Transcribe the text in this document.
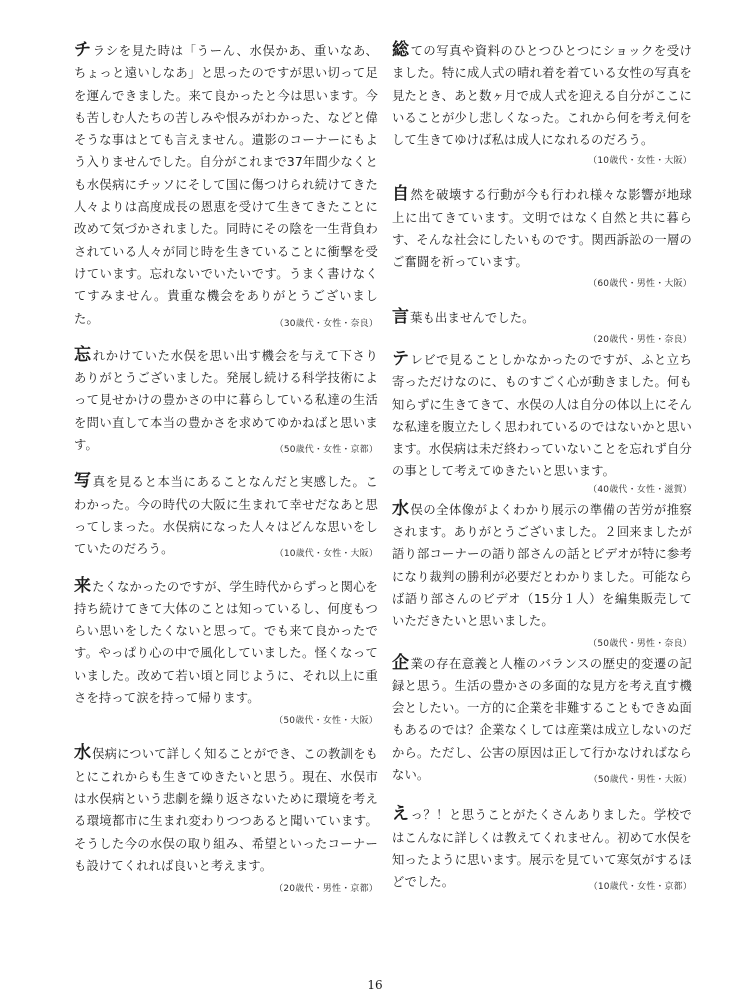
チラシを見た時は「うーん、水俣かあ、重いなあ、ちょっと遠いしなあ」と思ったのですが思い切って足を運んできました。来て良かったと今は思います。今も苦しむ人たちの苦しみや恨みがわかった、などと偉そうな事はとても言えません。遺影のコーナーにもよう入りませんでした。自分がこれまで37年間少なくとも水俣病にチッソにそして国に傷つけられ続けてきた人々よりは高度成長の恩恵を受けて生きてきたことに改めて気づかされました。同時にその陰を一生背負わされている人々が同じ時を生きていることに衝撃を受けています。忘れないでいたいです。うまく書けなくてすみません。貴重な機会をありがとうございました。	（30歳代・女性・奈良）

忘れかけていた水俣を思い出す機会を与えて下さりありがとうございました。発展し続ける科学技術によって見せかけの豊かさの中に暮らしている私達の生活を問い直して本当の豊かさを求めてゆかねばと思います。	（50歳代・女性・京都）

写真を見ると本当にあることなんだと実感した。こわかった。今の時代の大阪に生まれて幸せだなあと思ってしまった。水俣病になった人々はどんな思いをしていたのだろう。	（10歳代・女性・大阪）

来たくなかったのですが、学生時代からずっと関心を持ち続けてきて大体のことは知っているし、何度もつらい思いをしたくないと思って。でも来て良かったです。やっぱり心の中で風化していました。怪くなっていました。改めて若い頃と同じように、それ以上に重さを持って涙を持って帰ります。

（50歳代・女性・大阪）

水俣病について詳しく知ることができ、この教訓をもとにこれからも生きてゆきたいと思う。現在、水俣市は水俣病という悲劇を繰り返さないために環境を考える環境都市に生まれ変わりつつあると聞いています。そうした今の水俣の取り組み、希望といったコーナーも設けてくれれば良いと考えます。

（20歳代・男性・京都）

総ての写真や資料のひとつひとつにショックを受けました。特に成人式の晴れ着を着ている女性の写真を見たとき、あと数ヶ月で成人式を迎える自分がここにいることが少し悲しくなった。これから何を考え何をして生きてゆけば私は成人になれるのだろう。

（10歳代・女性・大阪）

自然を破壊する行動が今も行われ様々な影響が地球上に出てきています。文明ではなく自然と共に暮らす、そんな社会にしたいものです。関西訴訟の一層のご奮闘を祈っています。

（60歳代・男性・大阪）

言葉も出ませんでした。

（20歳代・男性・奈良）

テレビで見ることしかなかったのですが、ふと立ち寄っただけなのに、ものすごく心が動きました。何も知らずに生きてきて、水俣の人は自分の体以上にそんな私達を腹立たしく思われているのではないかと思います。水俣病は未だ終わっていないことを忘れず自分の事として考えてゆきたいと思います。

（40歳代・女性・滋賀）

水俣の全体像がよくわかり展示の準備の苦労が推察されます。ありがとうございました。２回来ましたが語り部コーナーの語り部さんの話とビデオが特に参考になり裁判の勝利が必要だとわかりました。可能ならば語り部さんのビデオ（15分１人）を編集販売していただきたいと思いました。

（50歳代・男性・奈良）

企業の存在意義と人権のバランスの歴史的変遷の記録と思う。生活の豊かさの多面的な見方を考え直す機会としたい。一方的に企業を非難することもできぬ面もあるのでは？企業なくしては産業は成立しないのだから。ただし、公害の原因は正して行かなければならない。	（50歳代・男性・大阪）

えっ？！と思うことがたくさんありました。学校ではこんなに詳しくは教えてくれません。初めて水俣を知ったように思います。展示を見ていて寒気がするほどでした。	（10歳代・女性・京都）

16
